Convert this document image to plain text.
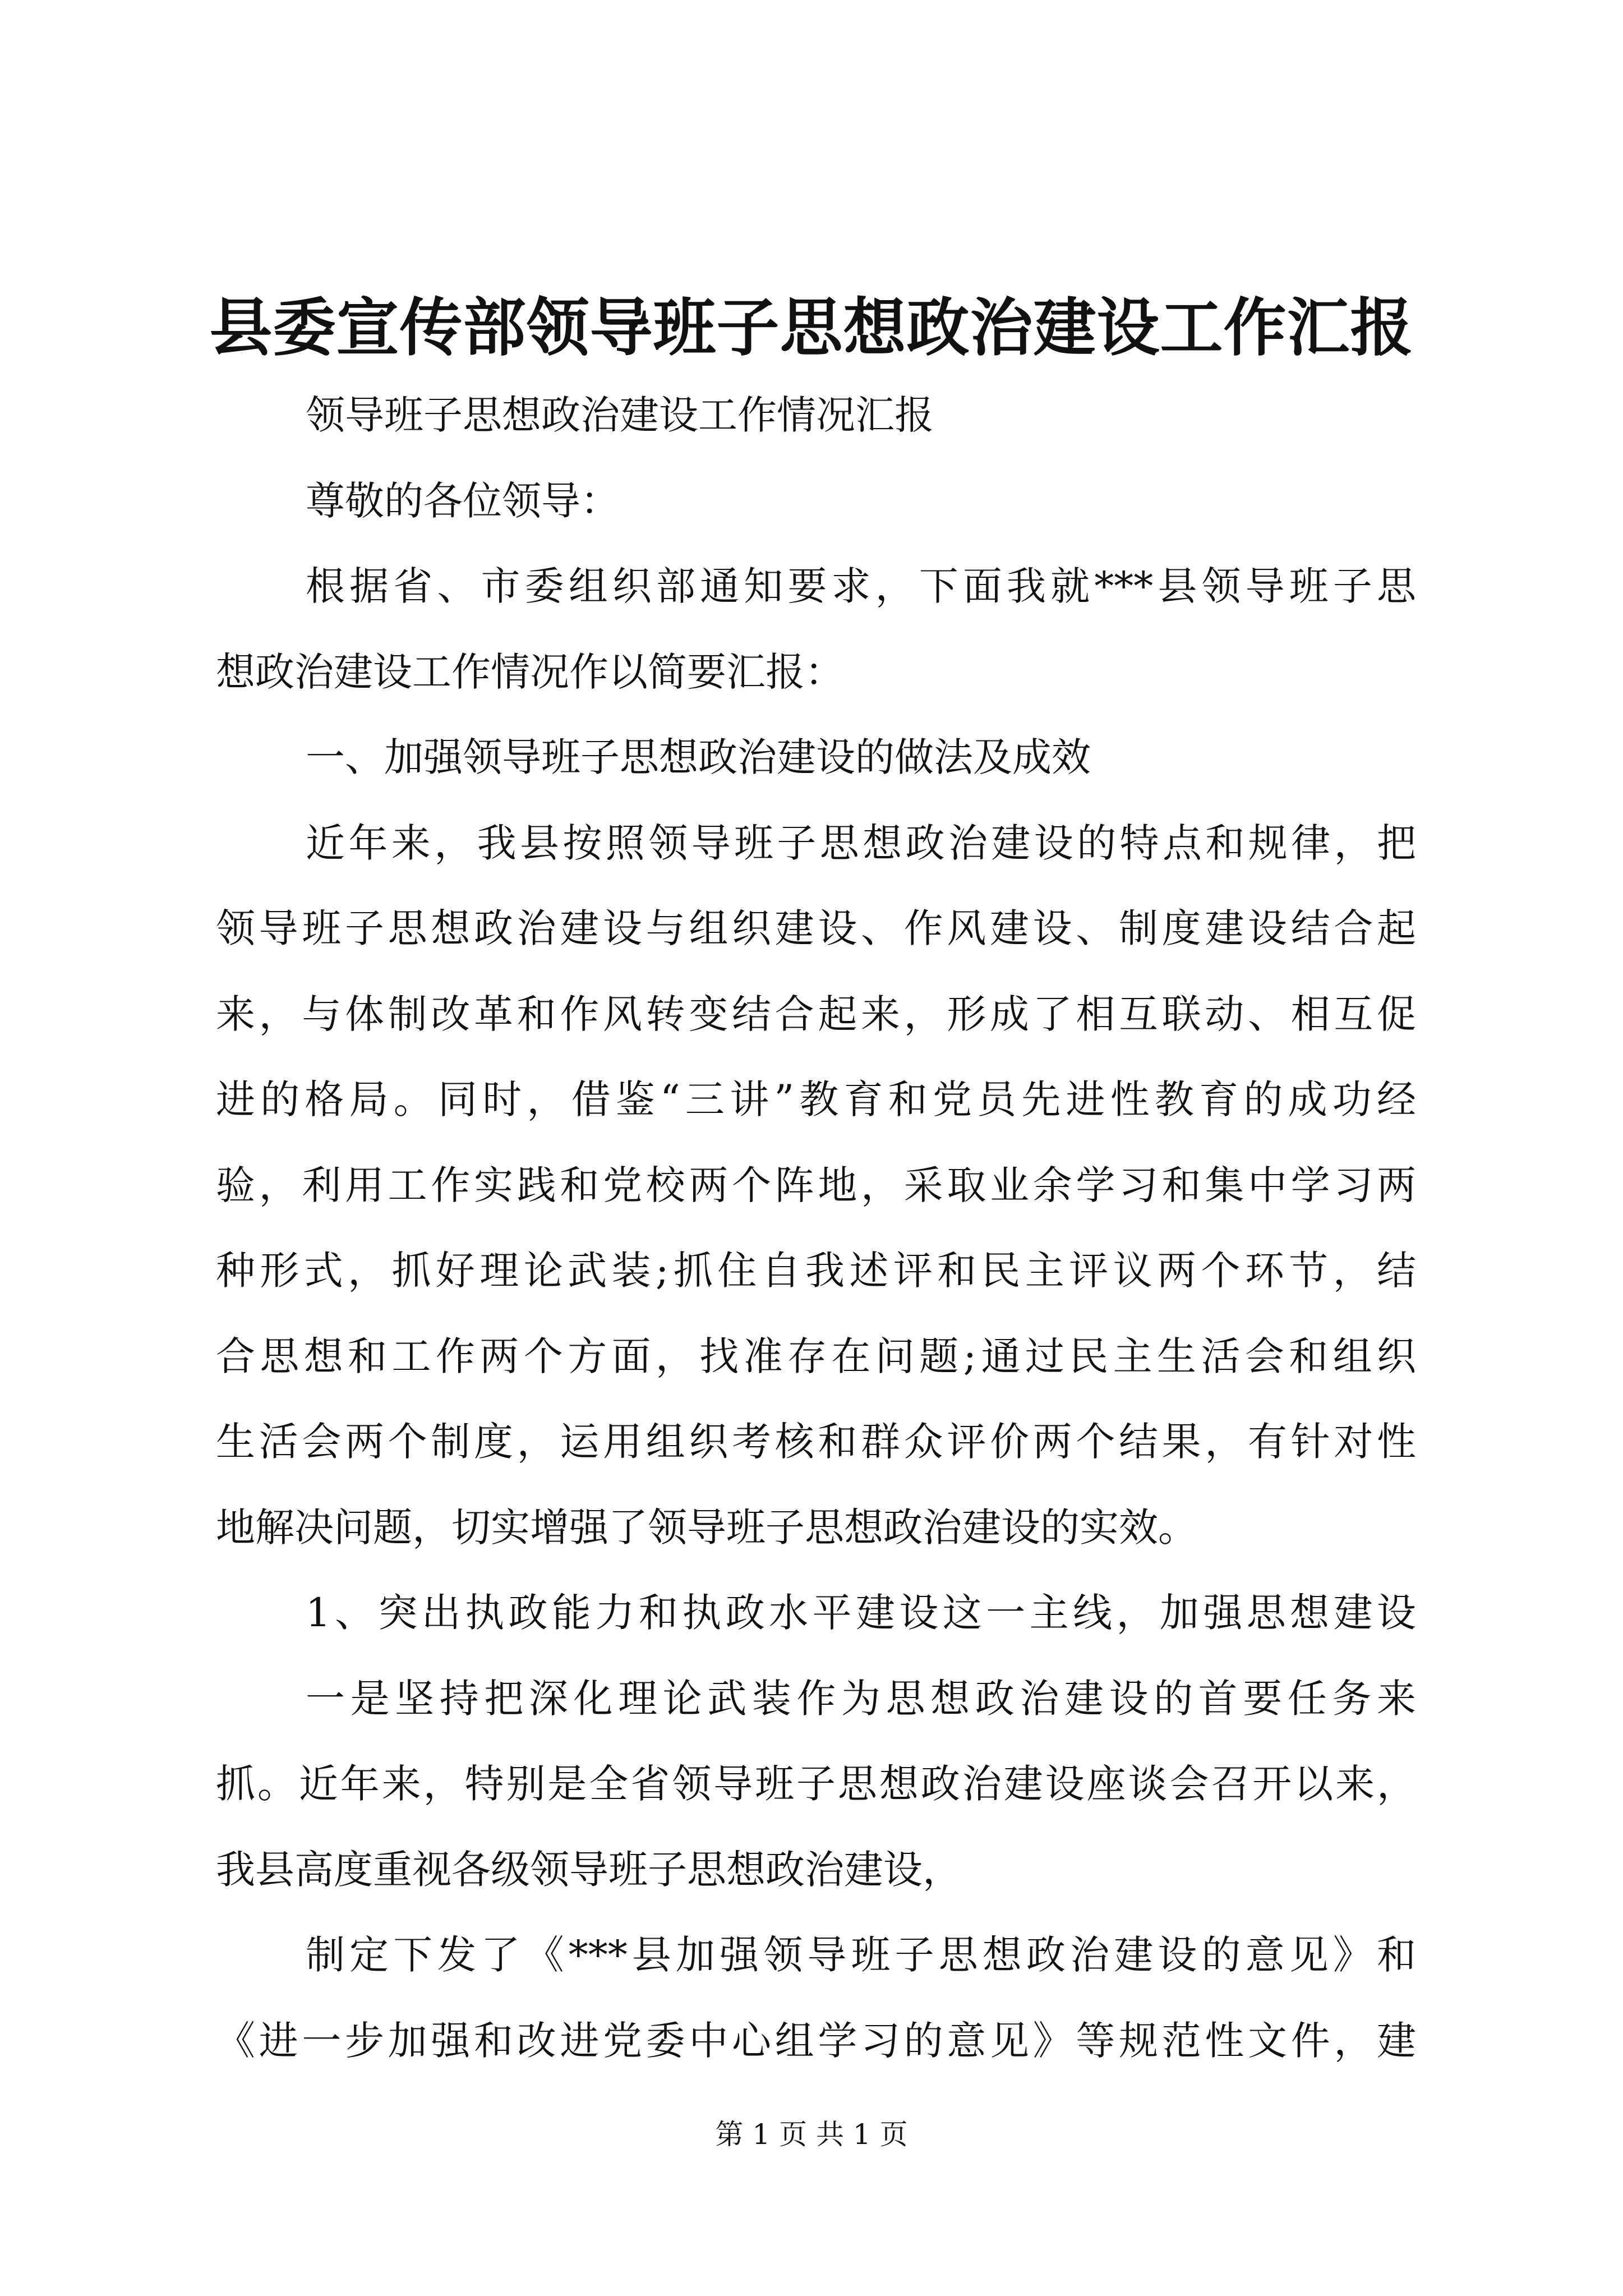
县委宣传部领导班子思想政治建设工作汇报
领导班子思想政治建设工作情况汇报
尊敬的各位领导：
根据省、市委组织部通知要求，下面我就***县领导班子思
想政治建设工作情况作以简要汇报：
一、加强领导班子思想政治建设的做法及成效
近年来，我县按照领导班子思想政治建设的特点和规律，把
领导班子思想政治建设与组织建设、作风建设、制度建设结合起
来，与体制改革和作风转变结合起来，形成了相互联动、相互促
进的格局。同时，借鉴“三讲”教育和党员先进性教育的成功经
验，利用工作实践和党校两个阵地，采取业余学习和集中学习两
种形式，抓好理论武装;抓住自我述评和民主评议两个环节，结
合思想和工作两个方面，找准存在问题;通过民主生活会和组织
生活会两个制度，运用组织考核和群众评价两个结果，有针对性
地解决问题，切实增强了领导班子思想政治建设的实效。
1、突出执政能力和执政水平建设这一主线，加强思想建设
一是坚持把深化理论武装作为思想政治建设的首要任务来
抓。近年来，特别是全省领导班子思想政治建设座谈会召开以来，
我县高度重视各级领导班子思想政治建设，
制定下发了《***县加强领导班子思想政治建设的意见》和
《进一步加强和改进党委中心组学习的意见》等规范性文件，建
第 1 页 共 1 页
